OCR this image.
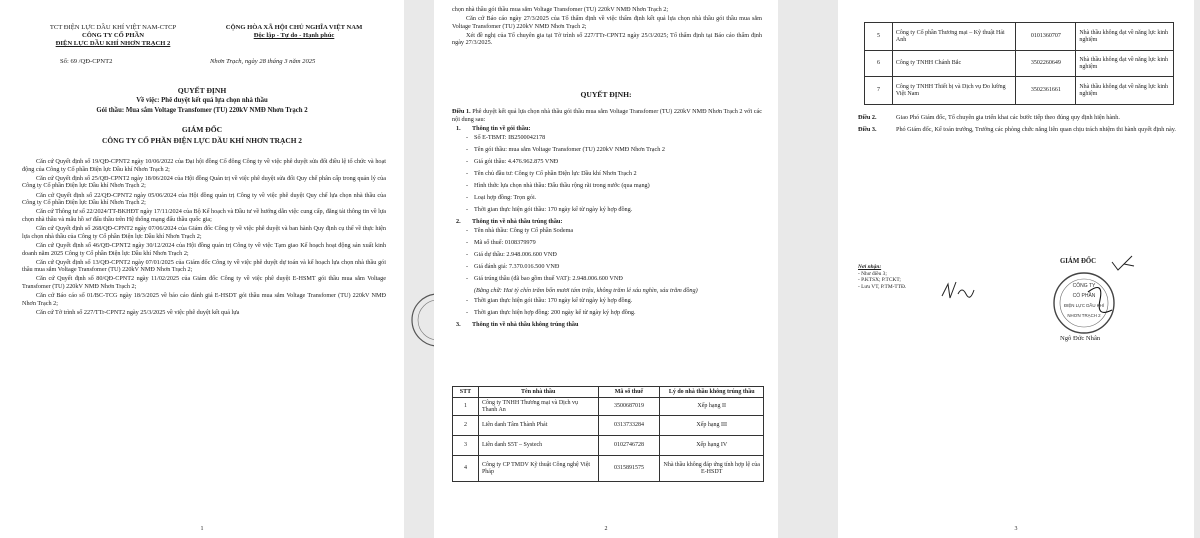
TCT ĐIỆN LỰC DẦU KHÍ VIỆT NAM-CTCP
CÔNG TY CỔ PHẦN
ĐIỆN LỰC DẦU KHÍ NHƠN TRẠCH 2
CỘNG HÒA XÃ HỘI CHỦ NGHĨA VIỆT NAM
Độc lập - Tự do - Hạnh phúc
Số: 69 /QĐ-CPNT2	Nhơn Trạch, ngày 28 tháng 3 năm 2025
QUYẾT ĐỊNH
Về việc: Phê duyệt kết quả lựa chọn nhà thầu
Gói thầu: Mua sắm Voltage Transfomer (TU) 220kV NMĐ Nhơn Trạch 2
GIÁM ĐỐC
CÔNG TY CỔ PHẦN ĐIỆN LỰC DẦU KHÍ NHƠN TRẠCH 2

Căn cứ Quyết định số 19/QĐ-CPNT2 ngày 10/06/2022 của Đại hội đồng Cổ đông Công ty về việc phê duyệt sửa đổi điều lệ tổ chức và hoạt động của Công ty Cổ phần Điện lực Dầu khí Nhơn Trạch 2;

Căn cứ Quyết định số 25/QĐ-CPNT2 ngày 18/06/2024 của Hội đồng Quản trị về việc phê duyệt sửa đổi Quy chế phân cấp trong quản lý của Công ty Cổ phần Điện lực Dầu khí Nhơn Trạch 2;

Căn cứ Quyết định số 22/QĐ-CPNT2 ngày 05/06/2024 của Hội đồng quản trị Công ty về việc phê duyệt Quy chế lựa chọn nhà thầu của Công ty Cổ phần Điện lực Dầu khí Nhơn Trạch 2;

Căn cứ Thông tư số 22/2024/TT-BKHĐT ngày 17/11/2024 của Bộ Kế hoạch và Đầu tư về hướng dẫn việc cung cấp, đăng tải thông tin về lựa chọn nhà thầu và mẫu hồ sơ đấu thầu trên Hệ thống mạng đấu thầu quốc gia;

Căn cứ Quyết định số 268/QĐ-CPNT2 ngày 07/06/2024 của Giám đốc Công ty về việc phê duyệt và ban hành Quy định cụ thể về thực hiện lựa chọn nhà thầu của Công ty Cổ phần Điện lực Dầu khí Nhơn Trạch 2;

Căn cứ Quyết định số 46/QĐ-CPNT2 ngày 30/12/2024 của Hội đồng quản trị Công ty về việc Tạm giao Kế hoạch hoạt động sản xuất kinh doanh năm 2025 Công ty Cổ phần Điện lực Dầu khí Nhơn Trạch 2;

Căn cứ Quyết định số 13/QĐ-CPNT2 ngày 07/01/2025 của Giám đốc Công ty về việc phê duyệt dự toán và kế hoạch lựa chọn nhà thầu gói thầu mua sắm Voltage Transfomer (TU) 220kV NMĐ Nhơn Trạch 2;

Căn cứ Quyết định số 80/QĐ-CPNT2 ngày 11/02/2025 của Giám đốc Công ty về việc phê duyệt E-HSMT gói thầu mua sắm Voltage Transfomer (TU) 220kV NMĐ Nhơn Trạch 2;

Căn cứ Báo cáo số 01/BC-TCG ngày 18/3/2025 về báo cáo đánh giá E-HSDT gói thầu mua sắm Voltage Transfomer (TU) 220kV NMĐ Nhơn Trạch 2;

Căn cứ Tờ trình số 227/TTr-CPNT2 ngày 25/3/2025 về việc phê duyệt kết quả lựa

1

chọn nhà thầu gói thầu mua sắm Voltage Transfomer (TU) 220kV NMĐ Nhơn Trạch 2;

Căn cứ Báo cáo ngày 27/3/2025 của Tổ thẩm định về việc thẩm định kết quả lựa chọn nhà thầu gói thầu mua sắm Voltage Transfomer (TU) 220kV NMĐ Nhơn Trạch 2;

Xét đề nghị của Tổ chuyên gia tại Tờ trình số 227/TTr-CPNT2 ngày 25/3/2025; Tổ thẩm định tại Báo cáo thẩm định ngày 27/3/2025.

QUYẾT ĐỊNH:
Điều 1. Phê duyệt kết quả lựa chọn nhà thầu gói thầu mua sắm Voltage Transfomer (TU) 220kV NMĐ Nhơn Trạch 2 với các nội dung sau:
1. Thông tin về gói thầu:
- Số E-TBMT: IB2500042178
- Tên gói thầu: mua sắm Voltage Transfomer (TU) 220kV NMĐ Nhơn Trạch 2
- Giá gói thầu: 4.476.962.875 VNĐ
- Tên chủ đầu tư: Công ty Cổ phần Điện lực Dầu khí Nhơn Trạch 2
- Hình thức lựa chọn nhà thầu: Đấu thầu rộng rãi trong nước (qua mạng)
- Loại hợp đồng: Trọn gói.
- Thời gian thực hiện gói thầu: 170 ngày kể từ ngày ký hợp đồng.
2. Thông tin về nhà thầu trúng thầu:
- Tên nhà thầu: Công ty Cổ phần Sodema
- Mã số thuế: 0108379979
- Giá dự thầu: 2.948.006.600 VNĐ
- Giá đánh giá: 7.370.016.500 VNĐ
- Giá trúng thầu (đã bao gồm thuế VAT): 2.948.006.600 VNĐ
(Bằng chữ: Hai tỷ chín trăm bốn mươi tám triệu, không trăm lẻ sáu nghìn, sáu trăm đồng)
- Thời gian thực hiện gói thầu: 170 ngày kể từ ngày ký hợp đồng.
- Thời gian thực hiện hợp đồng: 200 ngày kể từ ngày ký hợp đồng.
3. Thông tin về nhà thầu không trúng thầu
STT	Tên nhà thầu	Mã số thuế	Lý do nhà thầu không trúng thầu
1	Công ty TNHH Thương mại và Dịch vụ Thanh An	3500687019	Xếp hạng II
2	Liên danh Tâm Thành Phát	0313733284	Xếp hạng III
3	Liên danh S5T – Systech	0102746728	Xếp hạng IV
4	Công ty CP TMDV Kỹ thuật Công nghệ Việt Pháp	0315891575	Nhà thầu không đáp ứng tính hợp lệ của E-HSDT
2
5	Công ty Cổ phần Thương mại – Kỹ thuật Hải Anh	0101360707	Nhà thầu không đạt về năng lực kinh nghiệm
6	Công ty TNHH Chánh Bắc	3502260649	Nhà thầu không đạt về năng lực kinh nghiệm
7	Công ty TNHH Thiết bị và Dịch vụ Đo lường Việt Nam	3502361661	Nhà thầu không đạt về năng lực kinh nghiệm
Điều 2.	Giao Phó Giám đốc, Tổ chuyên gia triển khai các bước tiếp theo đúng quy định hiện hành.
Điều 3.	Phó Giám đốc, Kế toán trưởng, Trưởng các phòng chức năng liên quan chịu trách nhiệm thi hành quyết định này.
Nơi nhận:
- Như điều 3;
- P.KTSX; P.TCKT;
- Lưu VT, P.TM-TTĐ.
GIÁM ĐỐC
CÔNG TY
CỔ PHẦN
ĐIỆN LỰC DẦU KHÍ
NHƠN TRẠCH 2
Ngô Đức Nhân
3
